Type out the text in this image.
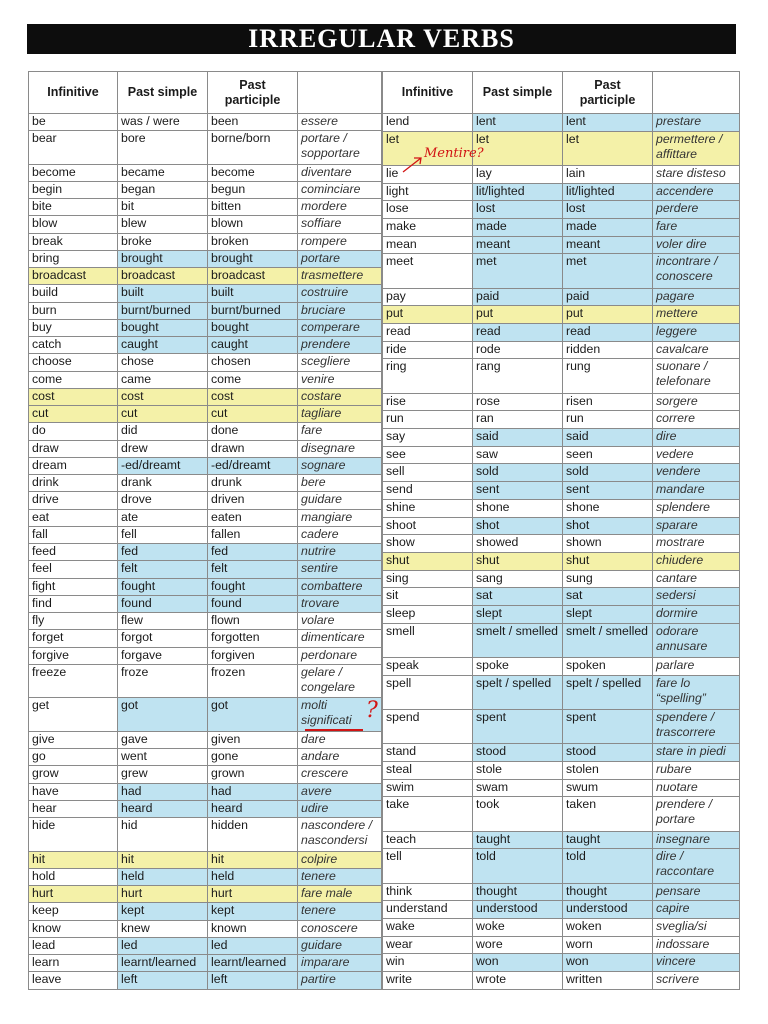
IRREGULAR VERBS
Infinitive	Past simple	Past participle	
be	was / were	been	essere
bear	bore	borne/born	portare / sopportare
become	became	become	diventare
begin	began	begun	cominciare
bite	bit	bitten	mordere
blow	blew	blown	soffiare
break	broke	broken	rompere
bring	brought	brought	portare
broadcast	broadcast	broadcast	trasmettere
build	built	built	costruire
burn	burnt/burned	burnt/burned	bruciare
buy	bought	bought	comperare
catch	caught	caught	prendere
choose	chose	chosen	scegliere
come	came	come	venire
cost	cost	cost	costare
cut	cut	cut	tagliare
do	did	done	fare
draw	drew	drawn	disegnare
dream	-ed/dreamt	-ed/dreamt	sognare
drink	drank	drunk	bere
drive	drove	driven	guidare
eat	ate	eaten	mangiare
fall	fell	fallen	cadere
feed	fed	fed	nutrire
feel	felt	felt	sentire
fight	fought	fought	combattere
find	found	found	trovare
fly	flew	flown	volare
forget	forgot	forgotten	dimenticare
forgive	forgave	forgiven	perdonare
freeze	froze	frozen	gelare / congelare
get	got	got	molti significati
give	gave	given	dare
go	went	gone	andare
grow	grew	grown	crescere
have	had	had	avere
hear	heard	heard	udire
hide	hid	hidden	nascondere / nascondersi
hit	hit	hit	colpire
hold	held	held	tenere
hurt	hurt	hurt	fare male
keep	kept	kept	tenere
know	knew	known	conoscere
lead	led	led	guidare
learn	learnt/learned	learnt/learned	imparare
leave	left	left	partire
Infinitive	Past simple	Past participle	
lend	lent	lent	prestare
let	let	let	permettere / affittare
lie	lay	lain	stare disteso
light	lit/lighted	lit/lighted	accendere
lose	lost	lost	perdere
make	made	made	fare
mean	meant	meant	voler dire
meet	met	met	incontrare / conoscere
pay	paid	paid	pagare
put	put	put	mettere
read	read	read	leggere
ride	rode	ridden	cavalcare
ring	rang	rung	suonare / telefonare
rise	rose	risen	sorgere
run	ran	run	correre
say	said	said	dire
see	saw	seen	vedere
sell	sold	sold	vendere
send	sent	sent	mandare
shine	shone	shone	splendere
shoot	shot	shot	sparare
show	showed	shown	mostrare
shut	shut	shut	chiudere
sing	sang	sung	cantare
sit	sat	sat	sedersi
sleep	slept	slept	dormire
smell	smelt / smelled	smelt / smelled	odorare annusare
speak	spoke	spoken	parlare
spell	spelt / spelled	spelt / spelled	fare lo “spelling”
spend	spent	spent	spendere / trascorrere
stand	stood	stood	stare in piedi
steal	stole	stolen	rubare
swim	swam	swum	nuotare
take	took	taken	prendere / portare
teach	taught	taught	insegnare
tell	told	told	dire / raccontare
think	thought	thought	pensare
understand	understood	understood	capire
wake	woke	woken	sveglia/si
wear	wore	worn	indossare
win	won	won	vincere
write	wrote	written	scrivere
Mentire?
?
